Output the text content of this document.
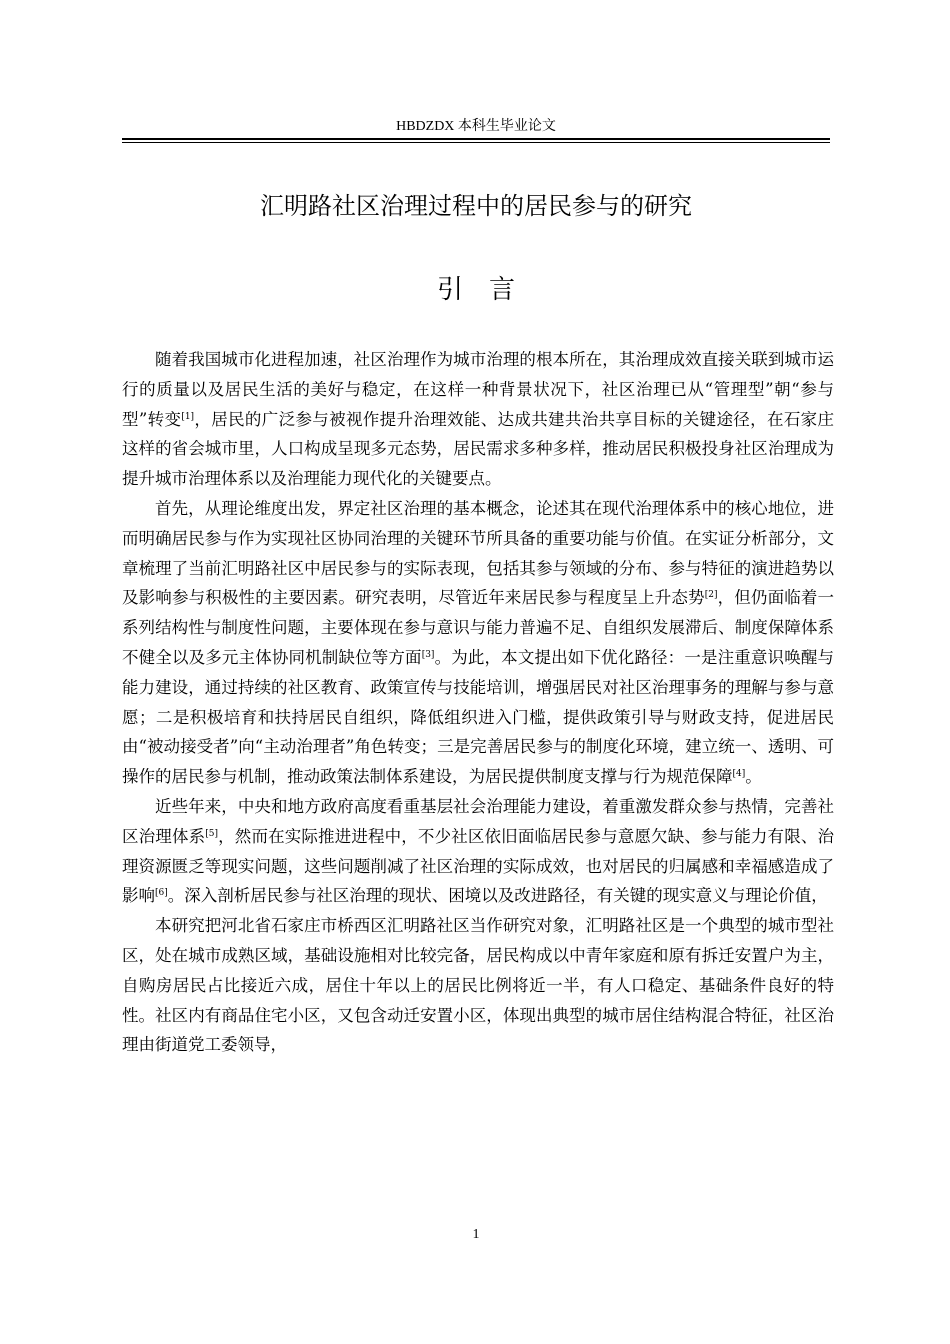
HBDZDX 本科生毕业论文
汇明路社区治理过程中的居民参与的研究
引言

随着我国城市化进程加速，社区治理作为城市治理的根本所在，其治理成效直接关联到城市运行的质量以及居民生活的美好与稳定，在这样一种背景状况下，社区治理已从“管理型”朝“参与型”转变[1]，居民的广泛参与被视作提升治理效能、达成共建共治共享目标的关键途径，在石家庄这样的省会城市里，人口构成呈现多元态势，居民需求多种多样，推动居民积极投身社区治理成为提升城市治理体系以及治理能力现代化的关键要点。

首先，从理论维度出发，界定社区治理的基本概念，论述其在现代治理体系中的核心地位，进而明确居民参与作为实现社区协同治理的关键环节所具备的重要功能与价值。在实证分析部分，文章梳理了当前汇明路社区中居民参与的实际表现，包括其参与领域的分布、参与特征的演进趋势以及影响参与积极性的主要因素。研究表明，尽管近年来居民参与程度呈上升态势[2]，但仍面临着一系列结构性与制度性问题，主要体现在参与意识与能力普遍不足、自组织发展滞后、制度保障体系不健全以及多元主体协同机制缺位等方面[3]。为此，本文提出如下优化路径：一是注重意识唤醒与能力建设，通过持续的社区教育、政策宣传与技能培训，增强居民对社区治理事务的理解与参与意愿；二是积极培育和扶持居民自组织，降低组织进入门槛，提供政策引导与财政支持，促进居民由“被动接受者”向“主动治理者”角色转变；三是完善居民参与的制度化环境，建立统一、透明、可操作的居民参与机制，推动政策法制体系建设，为居民提供制度支撑与行为规范保障[4]。

近些年来，中央和地方政府高度看重基层社会治理能力建设，着重激发群众参与热情，完善社区治理体系[5]，然而在实际推进进程中，不少社区依旧面临居民参与意愿欠缺、参与能力有限、治理资源匮乏等现实问题，这些问题削减了社区治理的实际成效，也对居民的归属感和幸福感造成了影响[6]。深入剖析居民参与社区治理的现状、困境以及改进路径，有关键的现实意义与理论价值，

本研究把河北省石家庄市桥西区汇明路社区当作研究对象，汇明路社区是一个典型的城市型社区，处在城市成熟区域，基础设施相对比较完备，居民构成以中青年家庭和原有拆迁安置户为主，自购房居民占比接近六成，居住十年以上的居民比例将近一半，有人口稳定、基础条件良好的特性。社区内有商品住宅小区，又包含动迁安置小区，体现出典型的城市居住结构混合特征，社区治理由街道党工委领导，

1
